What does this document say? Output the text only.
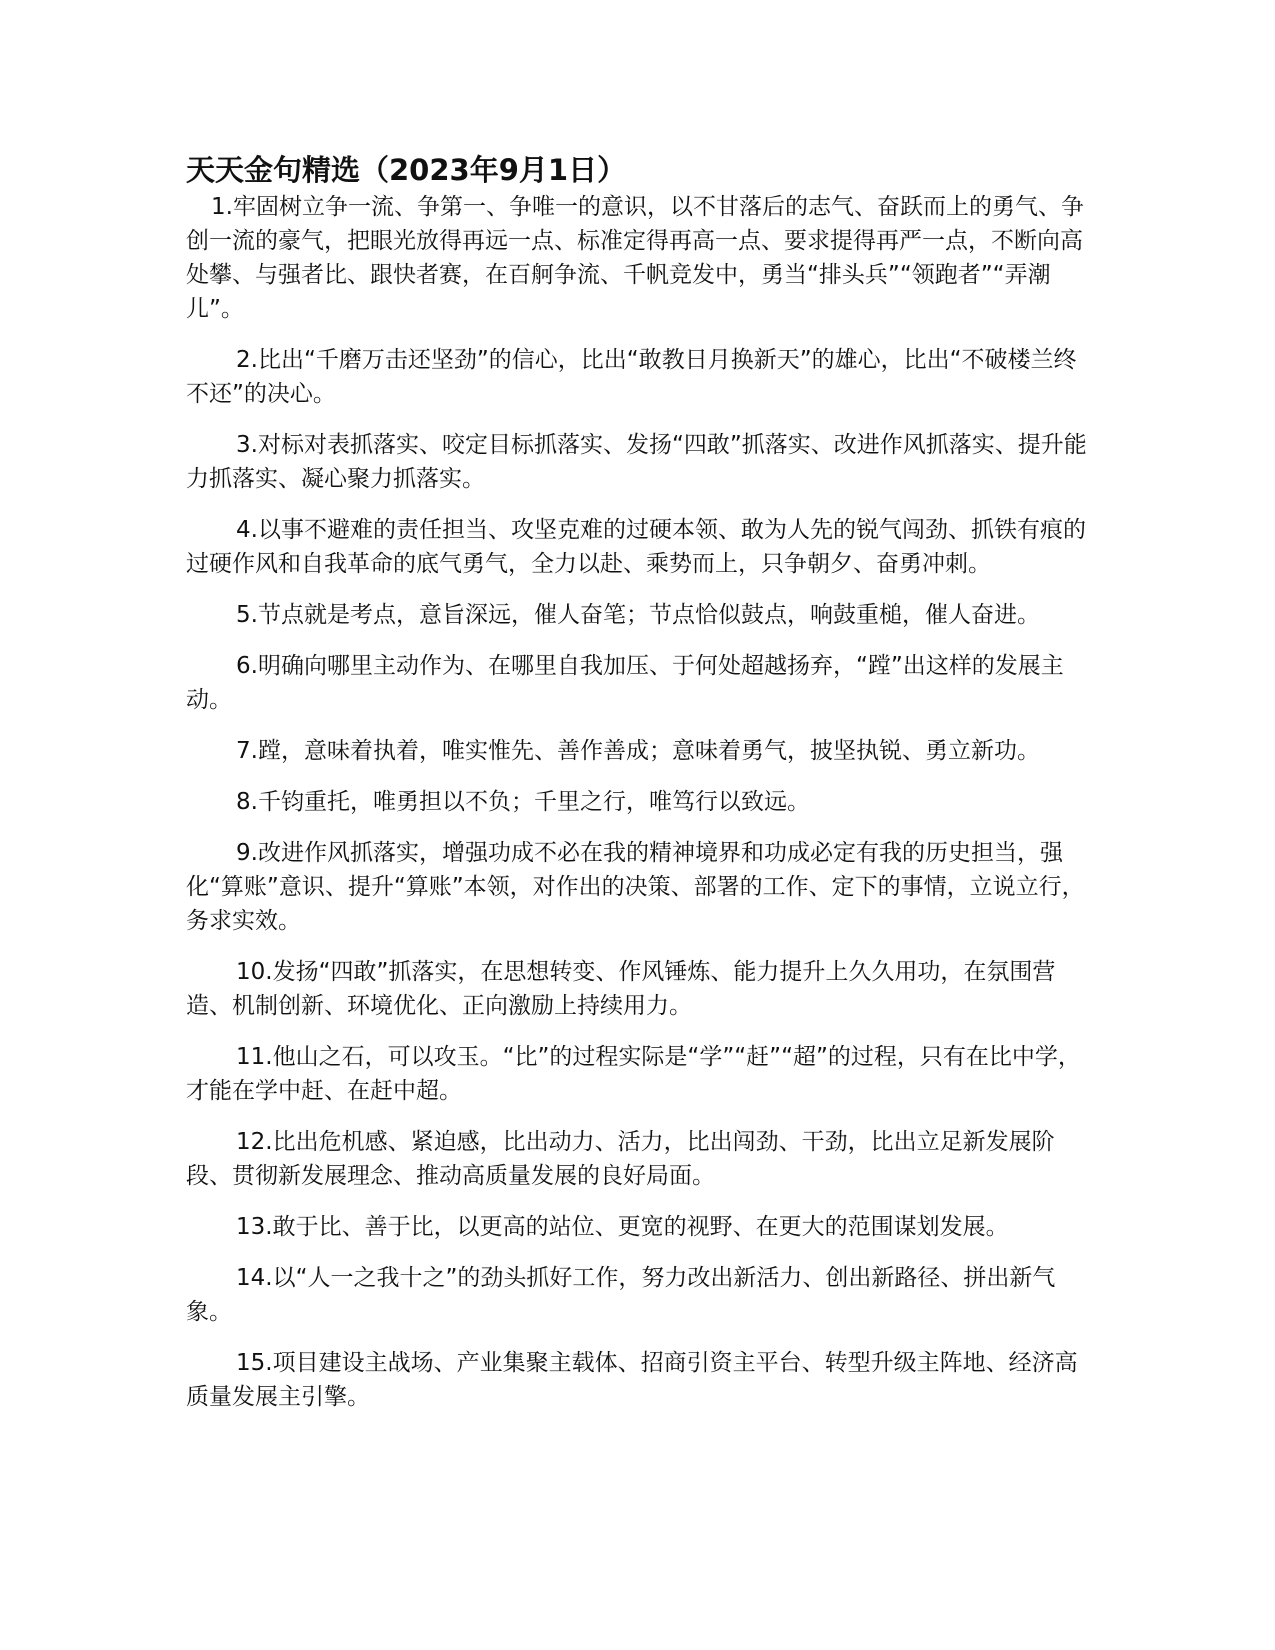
天天金句精选（2023年9月1日）

1.牢固树立争一流、争第一、争唯一的意识，以不甘落后的志气、奋跃而上的勇气、争创一流的豪气，把眼光放得再远一点、标准定得再高一点、要求提得再严一点，不断向高处攀、与强者比、跟快者赛，在百舸争流、千帆竞发中，勇当“排头兵”“领跑者”“弄潮儿”。

2.比出“千磨万击还坚劲”的信心，比出“敢教日月换新天”的雄心，比出“不破楼兰终不还”的决心。

3.对标对表抓落实、咬定目标抓落实、发扬“四敢”抓落实、改进作风抓落实、提升能力抓落实、凝心聚力抓落实。

4.以事不避难的责任担当、攻坚克难的过硬本领、敢为人先的锐气闯劲、抓铁有痕的过硬作风和自我革命的底气勇气，全力以赴、乘势而上，只争朝夕、奋勇冲刺。

5.节点就是考点，意旨深远，催人奋笔；节点恰似鼓点，响鼓重槌，催人奋进。

6.明确向哪里主动作为、在哪里自我加压、于何处超越扬弃，“蹚”出这样的发展主动。

7.蹚，意味着执着，唯实惟先、善作善成；意味着勇气，披坚执锐、勇立新功。

8.千钧重托，唯勇担以不负；千里之行，唯笃行以致远。

9.改进作风抓落实，增强功成不必在我的精神境界和功成必定有我的历史担当，强化“算账”意识、提升“算账”本领，对作出的决策、部署的工作、定下的事情，立说立行，务求实效。

10.发扬“四敢”抓落实，在思想转变、作风锤炼、能力提升上久久用功，在氛围营造、机制创新、环境优化、正向激励上持续用力。

11.他山之石，可以攻玉。“比”的过程实际是“学”“赶”“超”的过程，只有在比中学，才能在学中赶、在赶中超。

12.比出危机感、紧迫感，比出动力、活力，比出闯劲、干劲，比出立足新发展阶段、贯彻新发展理念、推动高质量发展的良好局面。

13.敢于比、善于比，以更高的站位、更宽的视野、在更大的范围谋划发展。

14.以“人一之我十之”的劲头抓好工作，努力改出新活力、创出新路径、拼出新气象。

15.项目建设主战场、产业集聚主载体、招商引资主平台、转型升级主阵地、经济高质量发展主引擎。
